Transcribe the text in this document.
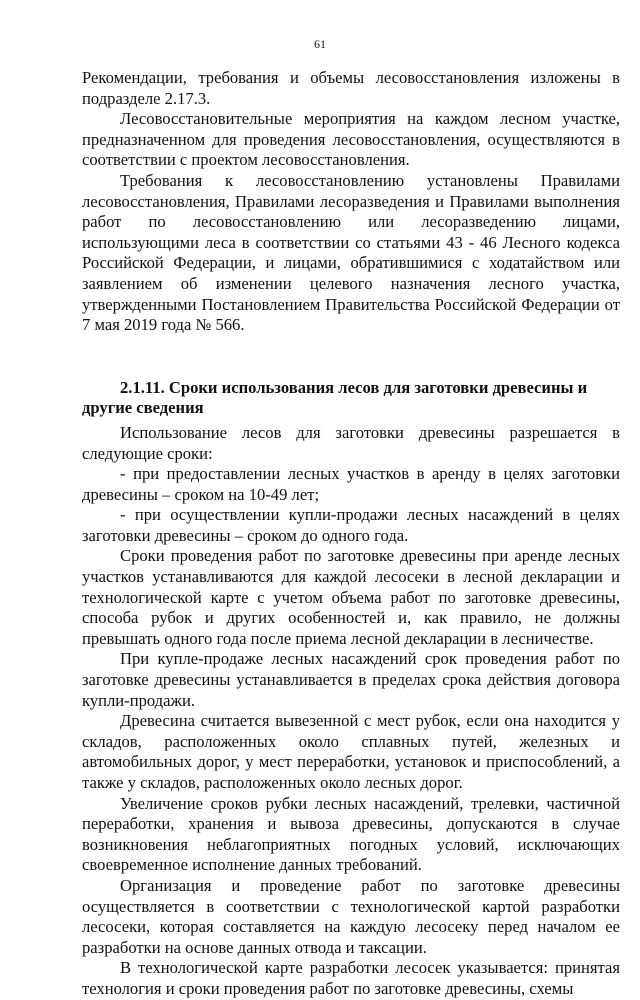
61

Рекомендации, требования и объемы лесовосстановления изложены в подразделе 2.17.3.

Лесовосстановительные мероприятия на каждом лесном участке, предназначенном для проведения лесовосстановления, осуществляются в соответствии с проектом лесовосстановления.

Требования к лесовосстановлению установлены Правилами лесовосстановления, Правилами лесоразведения и Правилами выполнения работ по лесовосстановлению или лесоразведению лицами, использующими леса в соответствии со статьями 43 - 46 Лесного кодекса Российской Федерации, и лицами, обратившимися с ходатайством или заявлением об изменении целевого назначения лесного участка, утвержденными Постановлением Правительства Российской Федерации от 7 мая 2019 года № 566.

2.1.11. Сроки использования лесов для заготовки древесины и другие сведения

Использование лесов для заготовки древесины разрешается в следующие сроки:

- при предоставлении лесных участков в аренду в целях заготовки древесины – сроком на 10-49 лет;

- при осуществлении купли-продажи лесных насаждений в целях заготовки древесины – сроком до одного года.

Сроки проведения работ по заготовке древесины при аренде лесных участков устанавливаются для каждой лесосеки в лесной декларации и технологической карте с учетом объема работ по заготовке древесины, способа рубок и других особенностей и, как правило, не должны превышать одного года после приема лесной декларации в лесничестве.

При купле-продаже лесных насаждений срок проведения работ по заготовке древесины устанавливается в пределах срока действия договора купли-продажи.

Древесина считается вывезенной с мест рубок, если она находится у складов, расположенных около сплавных путей, железных и автомобильных дорог, у мест переработки, установок и приспособлений, а также у складов, расположенных около лесных дорог.

Увеличение сроков рубки лесных насаждений, трелевки, частичной переработки, хранения и вывоза древесины, допускаются в случае возникновения неблагоприятных погодных условий, исключающих своевременное исполнение данных требований.

Организация и проведение работ по заготовке древесины осуществляется в соответствии с технологической картой разработки лесосеки, которая составляется на каждую лесосеку перед началом ее разработки на основе данных отвода и таксации.

В технологической карте разработки лесосек указывается: принятая технология и сроки проведения работ по заготовке древесины, схемы
